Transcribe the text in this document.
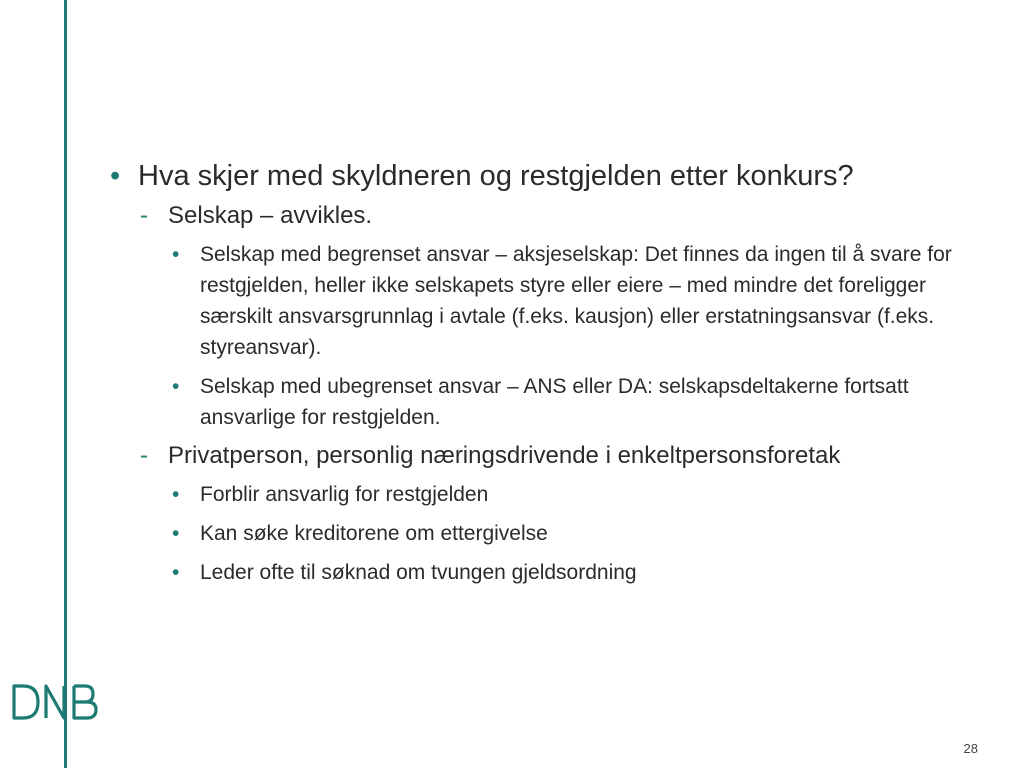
• Hva skjer med skyldneren og restgjelden etter konkurs?
- Selskap – avvikles.
• Selskap med begrenset ansvar – aksjeselskap: Det finnes da ingen til å svare for restgjelden, heller ikke selskapets styre eller eiere – med mindre det foreligger særskilt ansvarsgrunnlag i avtale (f.eks. kausjon) eller erstatningsansvar (f.eks. styreansvar).
• Selskap med ubegrenset ansvar – ANS eller DA: selskapsdeltakerne fortsatt ansvarlige for restgjelden.
- Privatperson, personlig næringsdrivende i enkeltpersonsforetak
• Forblir ansvarlig for restgjelden
• Kan søke kreditorene om ettergivelse
• Leder ofte til søknad om tvungen gjeldsordning
28
